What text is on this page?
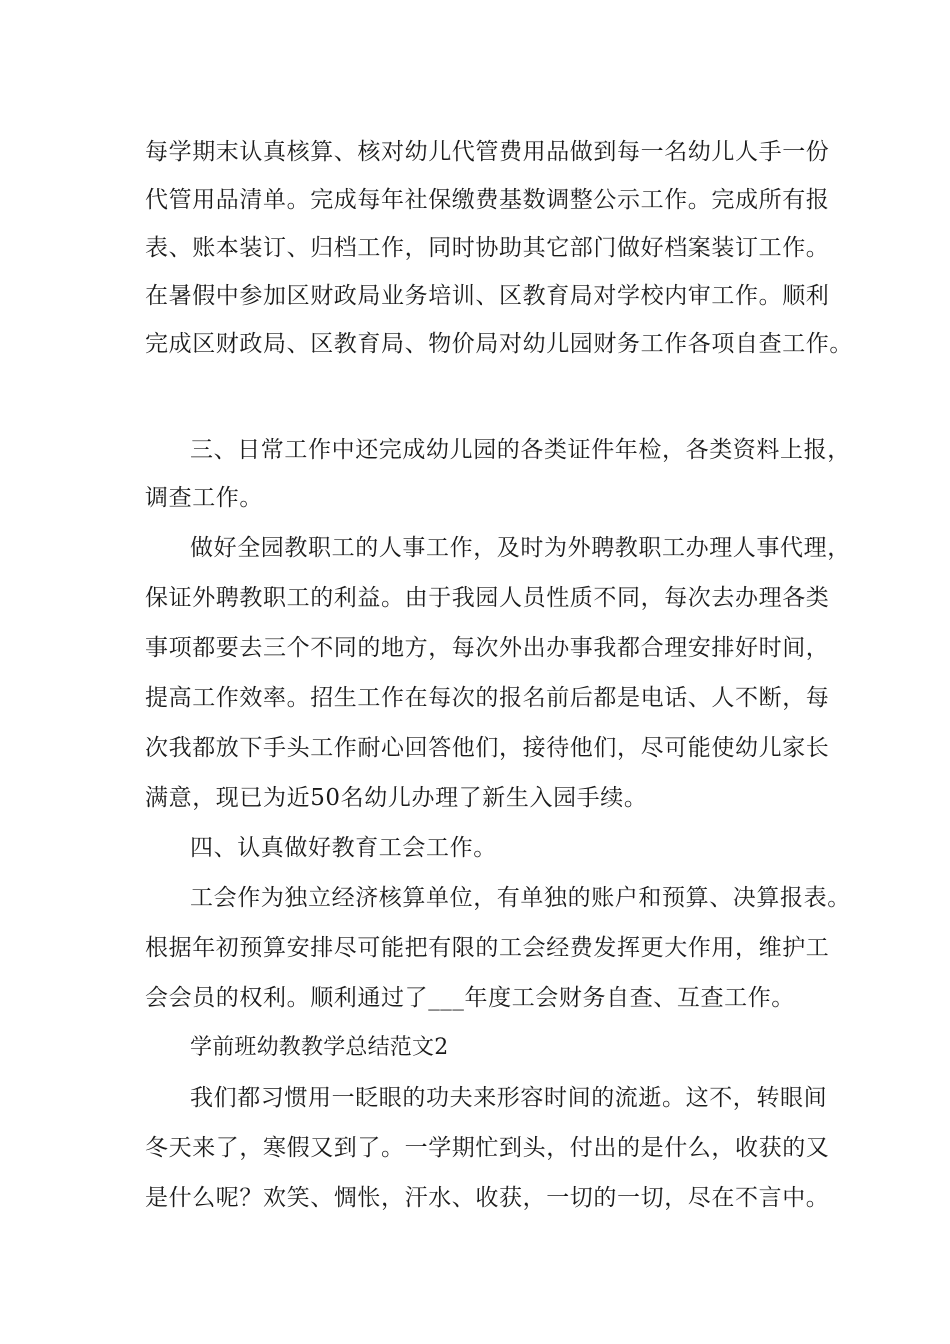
每学期末认真核算、核对幼儿代管费用品做到每一名幼儿人手一份
代管用品清单。完成每年社保缴费基数调整公示工作。完成所有报
表、账本装订、归档工作，同时协助其它部门做好档案装订工作。
在暑假中参加区财政局业务培训、区教育局对学校内审工作。顺利
完成区财政局、区教育局、物价局对幼儿园财务工作各项自查工作。
三、日常工作中还完成幼儿园的各类证件年检，各类资料上报，
调查工作。
做好全园教职工的人事工作，及时为外聘教职工办理人事代理，
保证外聘教职工的利益。由于我园人员性质不同，每次去办理各类
事项都要去三个不同的地方，每次外出办事我都合理安排好时间，
提高工作效率。招生工作在每次的报名前后都是电话、人不断，每
次我都放下手头工作耐心回答他们，接待他们，尽可能使幼儿家长
满意，现已为近50名幼儿办理了新生入园手续。
四、认真做好教育工会工作。
工会作为独立经济核算单位，有单独的账户和预算、决算报表。
根据年初预算安排尽可能把有限的工会经费发挥更大作用，维护工
会会员的权利。顺利通过了___年度工会财务自查、互查工作。
学前班幼教教学总结范文2
我们都习惯用一眨眼的功夫来形容时间的流逝。这不，转眼间
冬天来了，寒假又到了。一学期忙到头，付出的是什么，收获的又
是什么呢？欢笑、惆怅，汗水、收获，一切的一切，尽在不言中。
